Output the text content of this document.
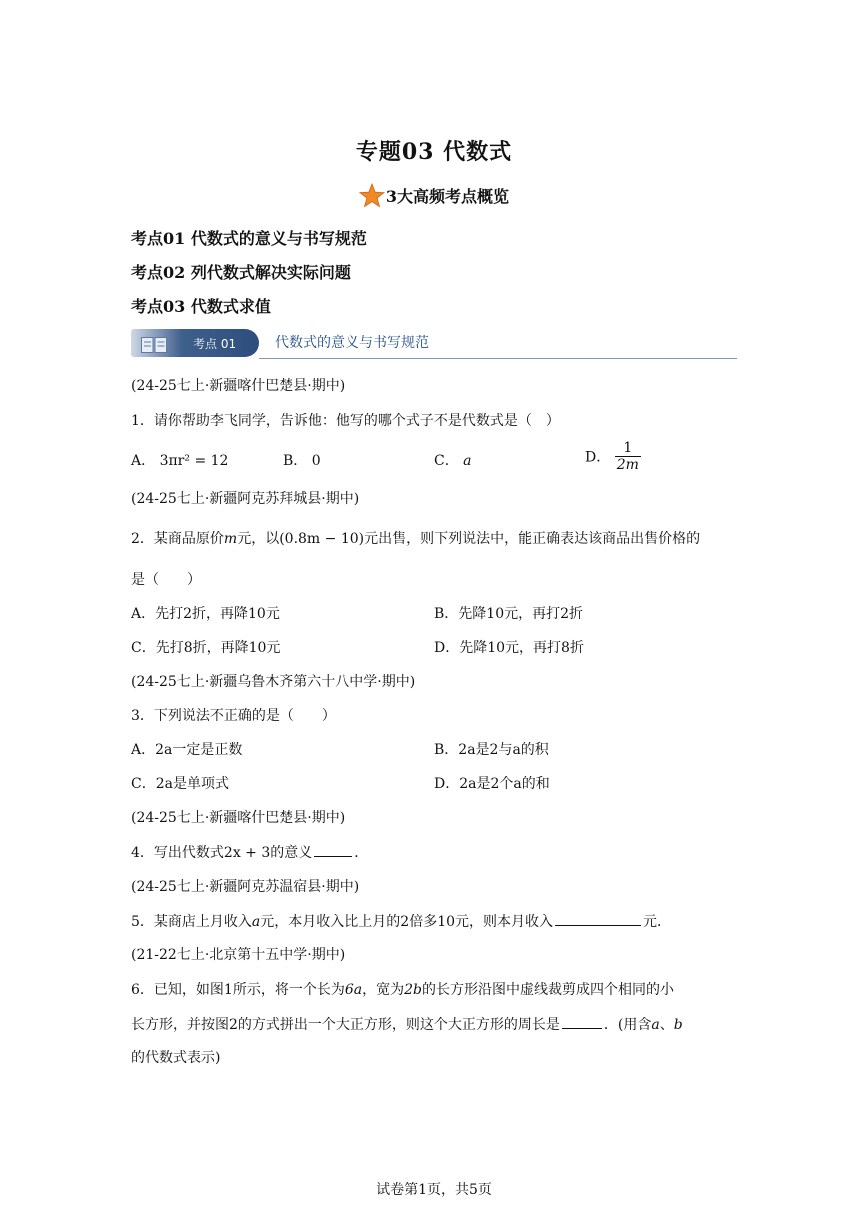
专题03 代数式
3大高频考点概览
考点01 代数式的意义与书写规范
考点02 列代数式解决实际问题
考点03 代数式求值
考点 01	代数式的意义与书写规范
(24-25七上·新疆喀什巴楚县·期中)
1．请你帮助李飞同学，告诉他：他写的哪个式子不是代数式是（　）
A． 3πr² = 12	B． 0	C． a	D． $\frac{1}{2m}$
(24-25七上·新疆阿克苏拜城县·期中)
2．某商品原价m元，以(0.8m − 10)元出售，则下列说法中，能正确表达该商品出售价格的
是（　　）
A．先打2折，再降10元	B．先降10元，再打2折
C．先打8折，再降10元	D．先降10元，再打8折
(24-25七上·新疆乌鲁木齐第六十八中学·期中)
3．下列说法不正确的是（　　）
A．2a一定是正数	B．2a是2与a的积
C．2a是单项式	D．2a是2个a的和
(24-25七上·新疆喀什巴楚县·期中)
4．写出代数式2x + 3的意义	．
(24-25七上·新疆阿克苏温宿县·期中)
5．某商店上月收入a元，本月收入比上月的2倍多10元，则本月收入	元．
(21-22七上·北京第十五中学·期中)
6．已知，如图1所示，将一个长为6a，宽为2b的长方形沿图中虚线裁剪成四个相同的小
长方形，并按图2的方式拼出一个大正方形，则这个大正方形的周长是	．(用含a、b
的代数式表示)
试卷第1页，共5页
